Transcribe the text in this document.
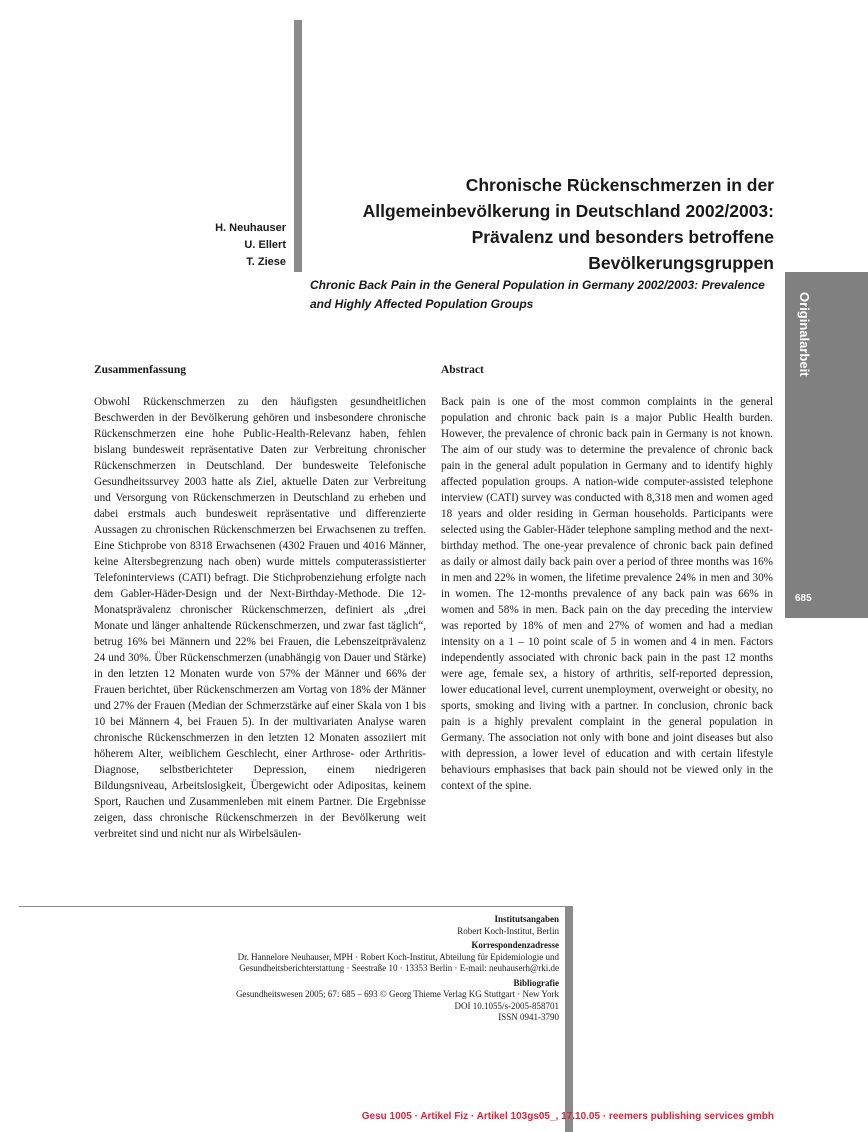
Originalarbeit
685
H. Neuhauser
U. Ellert
T. Ziese
Chronische Rückenschmerzen in der
Allgemeinbevölkerung in Deutschland 2002/2003:
Prävalenz und besonders betroffene
Bevölkerungsgruppen
Chronic Back Pain in the General Population in Germany 2002/2003: Prevalence
and Highly Affected Population Groups
Zusammenfassung	Abstract

Obwohl Rückenschmerzen zu den häufigsten gesundheitlichen Beschwerden in der Bevölkerung gehören und insbesondere chronische Rückenschmerzen eine hohe Public-Health-Relevanz haben, fehlen bislang bundesweit repräsentative Daten zur Verbreitung chronischer Rückenschmerzen in Deutschland. Der bundesweite Telefonische Gesundheitssurvey 2003 hatte als Ziel, aktuelle Daten zur Verbreitung und Versorgung von Rückenschmerzen in Deutschland zu erheben und dabei erstmals auch bundesweit repräsentative und differenzierte Aussagen zu chronischen Rückenschmerzen bei Erwachsenen zu treffen. Eine Stichprobe von 8318 Erwachsenen (4302 Frauen und 4016 Männer, keine Altersbegrenzung nach oben) wurde mittels computerassistierter Telefoninterviews (CATI) befragt. Die Stichprobenziehung erfolgte nach dem Gabler-Häder-Design und der Next-Birthday-Methode. Die 12-Monatsprävalenz chronischer Rückenschmerzen, definiert als „drei Monate und länger anhaltende Rückenschmerzen, und zwar fast täglich“, betrug 16% bei Männern und 22% bei Frauen, die Lebenszeitprävalenz 24 und 30%. Über Rückenschmerzen (unabhängig von Dauer und Stärke) in den letzten 12 Monaten wurde von 57% der Männer und 66% der Frauen berichtet, über Rückenschmerzen am Vortag von 18% der Männer und 27% der Frauen (Median der Schmerzstärke auf einer Skala von 1 bis 10 bei Männern 4, bei Frauen 5). In der multivariaten Analyse waren chronische Rückenschmerzen in den letzten 12 Monaten assoziiert mit höherem Alter, weiblichem Geschlecht, einer Arthrose- oder Arthritis-Diagnose, selbstberichteter Depression, einem niedrigeren Bildungsniveau, Arbeitslosigkeit, Übergewicht oder Adipositas, keinem Sport, Rauchen und Zusammenleben mit einem Partner. Die Ergebnisse zeigen, dass chronische Rückenschmerzen in der Bevölkerung weit verbreitet sind und nicht nur als Wirbelsäulen-

Back pain is one of the most common complaints in the general population and chronic back pain is a major Public Health burden. However, the prevalence of chronic back pain in Germany is not known. The aim of our study was to determine the prevalence of chronic back pain in the general adult population in Germany and to identify highly affected population groups. A nation-wide computer-assisted telephone interview (CATI) survey was conducted with 8,318 men and women aged 18 years and older residing in German households. Participants were selected using the Gabler-Häder telephone sampling method and the next-birthday method. The one-year prevalence of chronic back pain defined as daily or almost daily back pain over a period of three months was 16% in men and 22% in women, the lifetime prevalence 24% in men and 30% in women. The 12-months prevalence of any back pain was 66% in women and 58% in men. Back pain on the day preceding the interview was reported by 18% of men and 27% of women and had a median intensity on a 1 – 10 point scale of 5 in women and 4 in men. Factors independently associated with chronic back pain in the past 12 months were age, female sex, a history of arthritis, self-reported depression, lower educational level, current unemployment, overweight or obesity, no sports, smoking and living with a partner. In conclusion, chronic back pain is a highly prevalent complaint in the general population in Germany. The association not only with bone and joint diseases but also with depression, a lower level of education and with certain lifestyle behaviours emphasises that back pain should not be viewed only in the context of the spine.

Institutsangaben
Robert Koch-Institut, Berlin
Korrespondenzadresse
Dr. Hannelore Neuhauser, MPH · Robert Koch-Institut, Abteilung für Epidemiologie und
Gesundheitsberichterstattung · Seestraße 10 · 13353 Berlin · E-mail: neuhauserh@rki.de
Bibliografie
Gesundheitswesen 2005; 67: 685 – 693 © Georg Thieme Verlag KG Stuttgart · New York
DOI 10.1055/s-2005-858701
ISSN 0941-3790
Gesu 1005 · Artikel Fiz · Artikel 103gs05_, 17.10.05 · reemers publishing services gmbh
